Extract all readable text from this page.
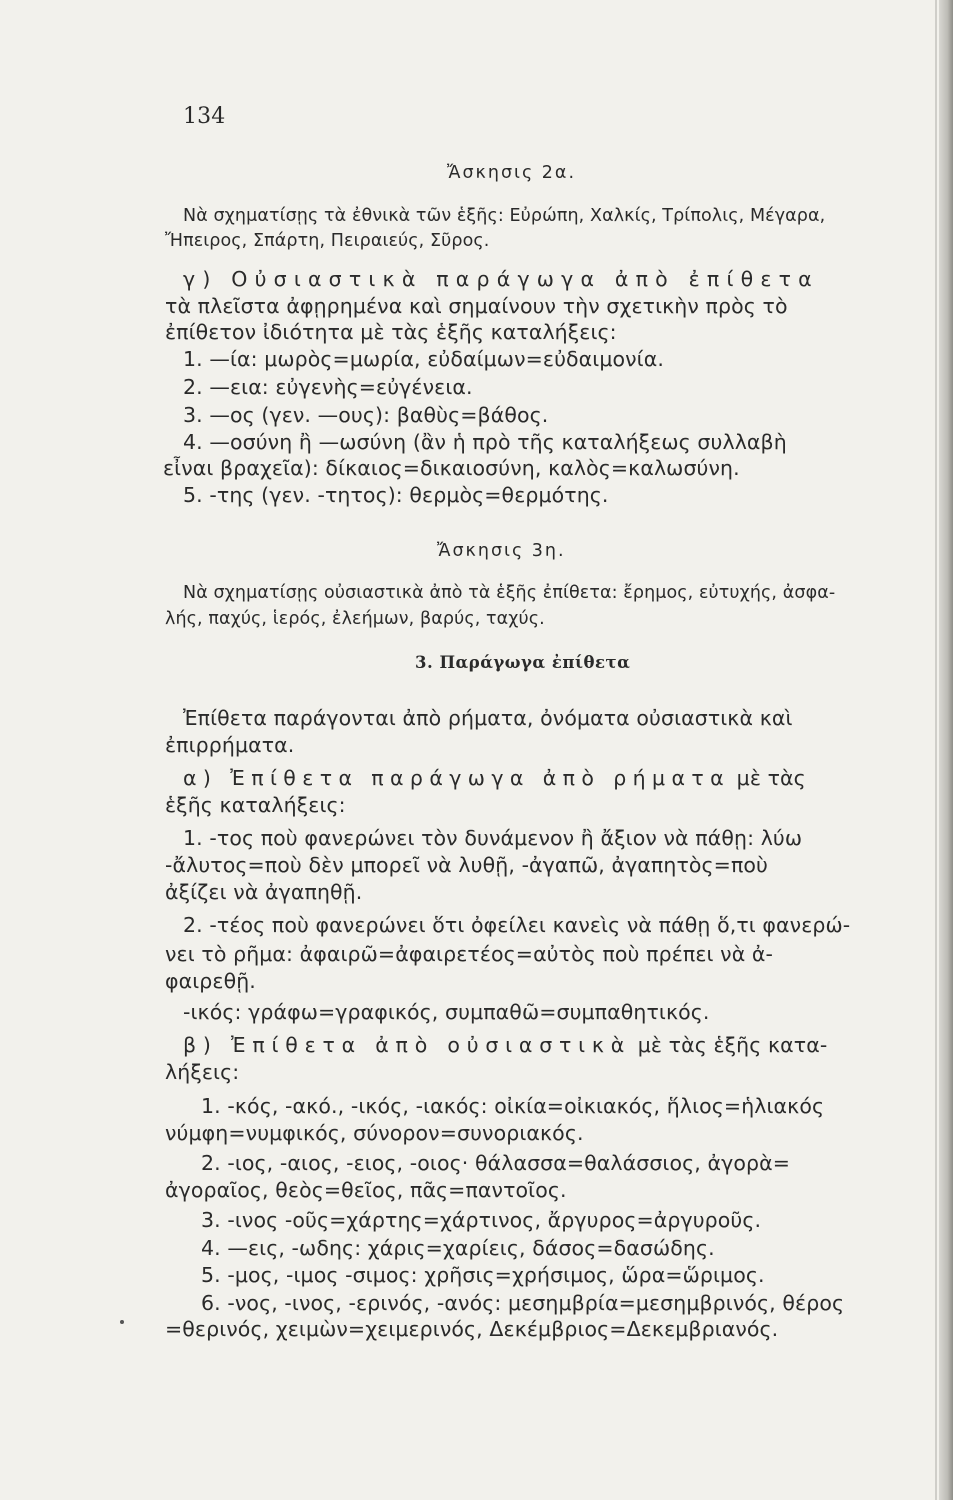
134
Ἄσκησις 2α.
Νὰ σχηματίσῃς τὰ ἐθνικὰ τῶν ἑξῆς: Εὐρώπη, Χαλκίς, Τρίπολις, Μέγαρα,
Ἤπειρος, Σπάρτη, Πειραιεύς, Σῦρος.
γ) Οὐσιαστικὰ παράγωγα ἀπὸ ἐπίθετα
τὰ πλεῖστα ἀφῃρημένα καὶ σημαίνουν τὴν σχετικὴν πρὸς τὸ
ἐπίθετον ἰδιότητα μὲ τὰς ἑξῆς καταλήξεις:
1. —ία: μωρὸς=μωρία, εὐδαίμων=εὐδαιμονία.
2. —εια: εὐγενὴς=εὐγένεια.
3. —ος (γεν. —ους): βαθὺς=βάθος.
4. —οσύνη ἢ —ωσύνη (ἂν ἡ πρὸ τῆς καταλήξεως συλλαβὴ
εἶναι βραχεῖα): δίκαιος=δικαιοσύνη, καλὸς=καλωσύνη.
5. -της (γεν. -τητος): θερμὸς=θερμότης.
Ἄσκησις 3η.
Νὰ σχηματίσῃς οὐσιαστικὰ ἀπὸ τὰ ἑξῆς ἐπίθετα: ἔρημος, εὐτυχής, ἀσφα-
λής, παχύς, ἱερός, ἐλεήμων, βαρύς, ταχύς.
3. Παράγωγα ἐπίθετα
Ἐπίθετα παράγονται ἀπὸ ρήματα, ὀνόματα οὐσιαστικὰ καὶ
ἐπιρρήματα.
α) Ἐπίθετα παράγωγα ἀπὸ ρήματα μὲ τὰς
ἑξῆς καταλήξεις:
1. -τος ποὺ φανερώνει τὸν δυνάμενον ἢ ἄξιον νὰ πάθῃ: λύω
-ἄλυτος=ποὺ δὲν μπορεῖ νὰ λυθῇ, -ἀγαπῶ, ἀγαπητὸς=ποὺ
ἀξίζει νὰ ἀγαπηθῇ.
2. -τέος ποὺ φανερώνει ὅτι ὀφείλει κανεὶς νὰ πάθῃ ὅ,τι φανερώ-
νει τὸ ρῆμα: ἀφαιρῶ=ἀφαιρετέος=αὐτὸς ποὺ πρέπει νὰ ἀ-
φαιρεθῇ.
-ικός: γράφω=γραφικός, συμπαθῶ=συμπαθητικός.
β) Ἐπίθετα ἀπὸ οὐσιαστικὰ μὲ τὰς ἑξῆς κατα-
λήξεις:
1. -κός, -ακό., -ικός, -ιακός: οἰκία=οἰκιακός, ἥλιος=ἡλιακός
νύμφη=νυμφικός, σύνορον=συνοριακός.
2. -ιος, -αιος, -ειος, -οιος· θάλασσα=θαλάσσιος, ἀγορὰ=
ἀγοραῖος, θεὸς=θεῖος, πᾶς=παντοῖος.
3. -ινος -οῦς=χάρτης=χάρτινος, ἄργυρος=ἀργυροῦς.
4. —εις, -ωδης: χάρις=χαρίεις, δάσος=δασώδης.
5. -μος, -ιμος -σιμος: χρῆσις=χρήσιμος, ὥρα=ὥριμος.
6. -νος, -ινος, -ερινός, -ανός: μεσημβρία=μεσημβρινός, θέρος
=θερινός, χειμὼν=χειμερινός, Δεκέμβριος=Δεκεμβριανός.
